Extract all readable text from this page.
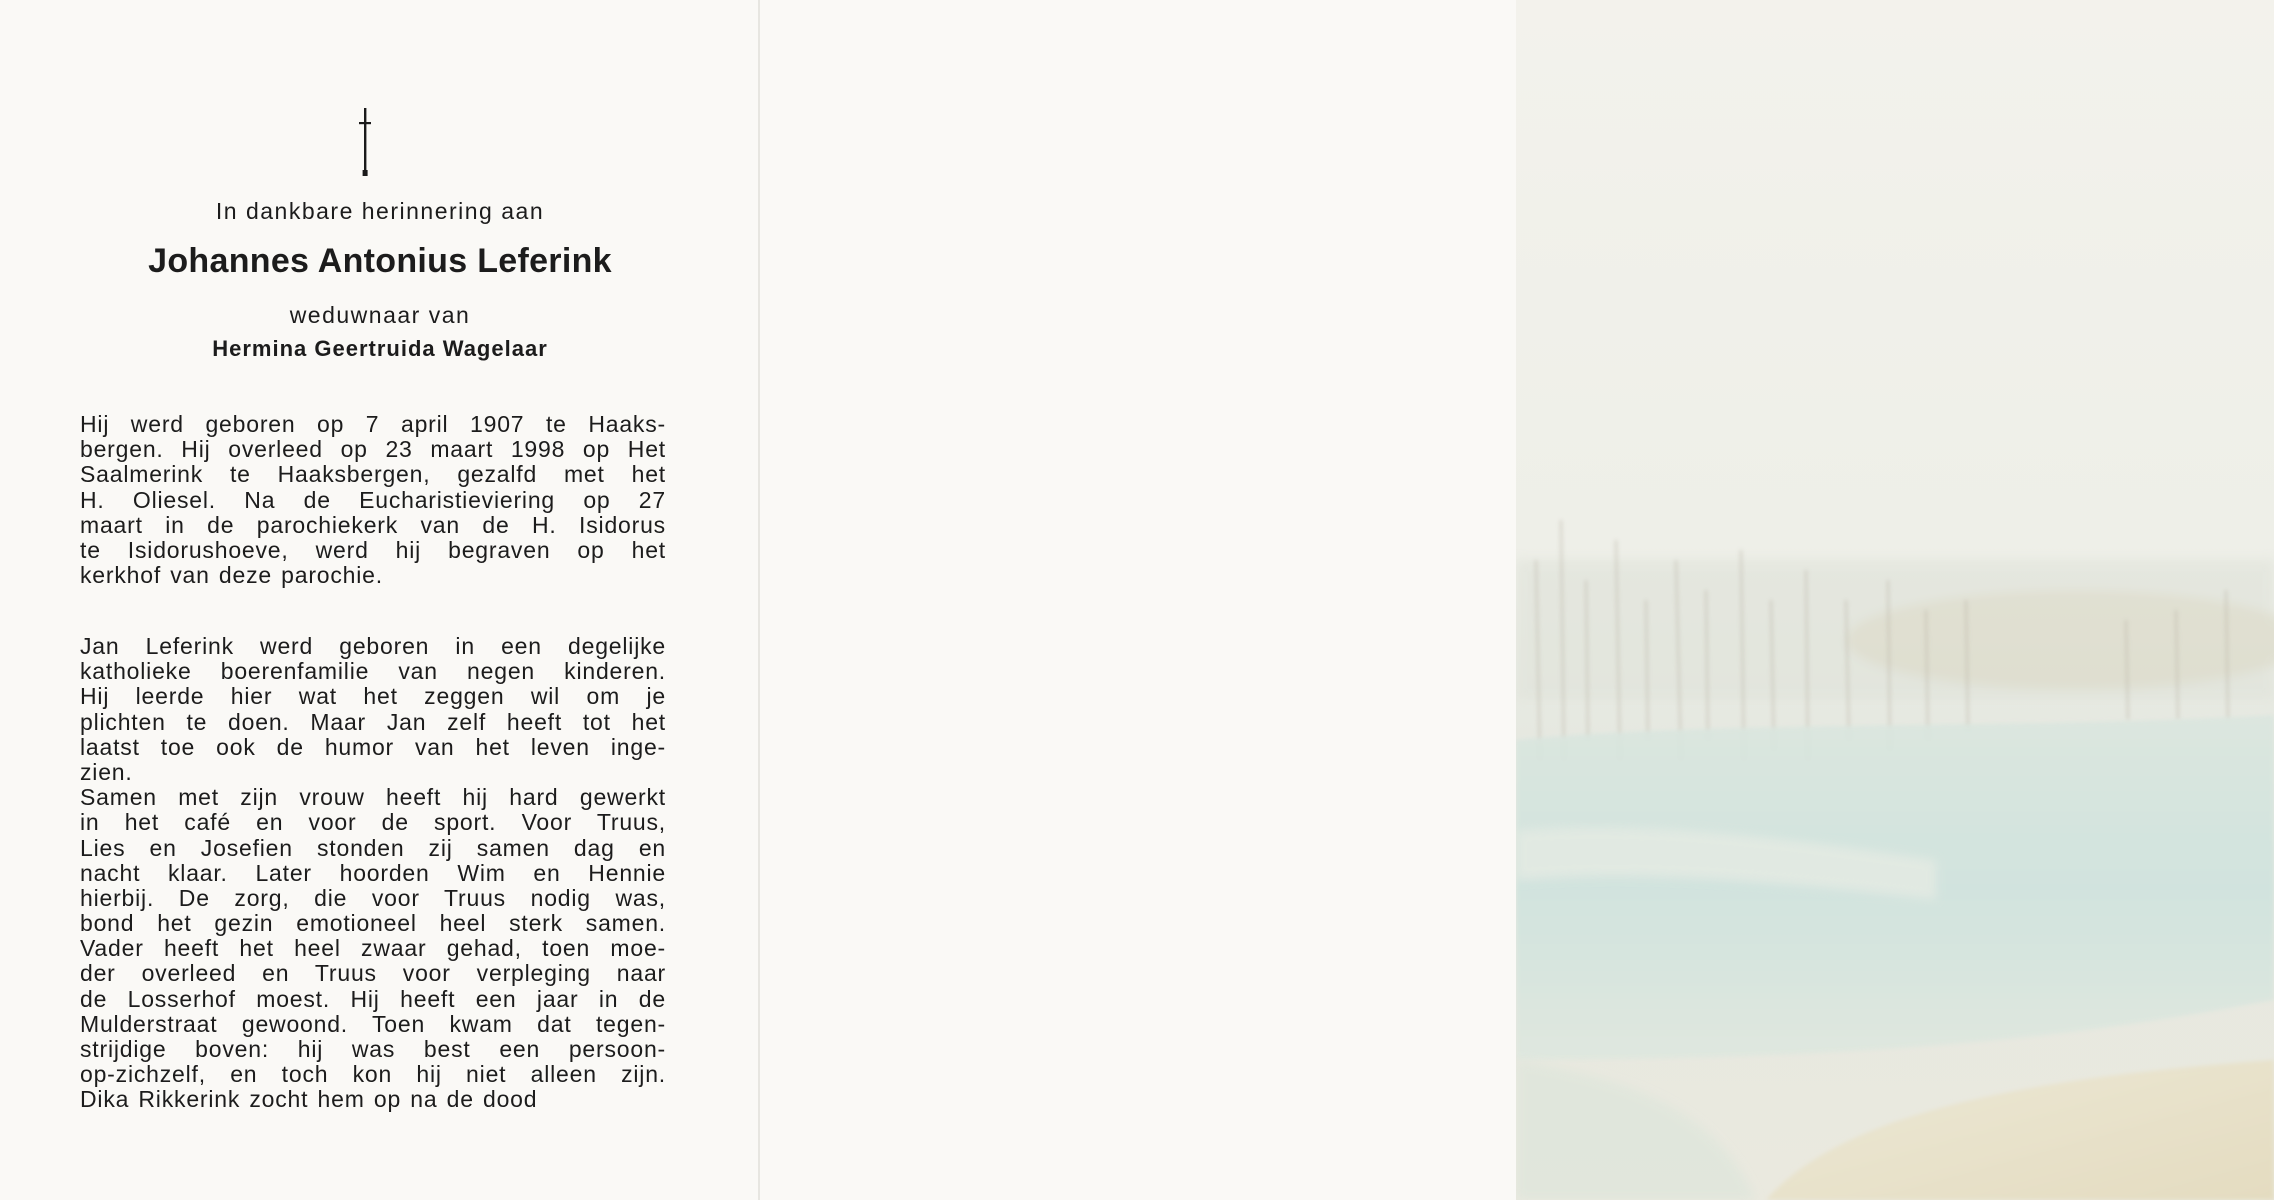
In dankbare herinnering aan
Johannes Antonius Leferink
weduwnaar van
Hermina Geertruida Wagelaar
Hij werd geboren op 7 april 1907 te Haaks-
bergen. Hij overleed op 23 maart 1998 op Het
Saalmerink te Haaksbergen, gezalfd met het
H. Oliesel. Na de Eucharistieviering op 27
maart in de parochiekerk van de H. Isidorus
te Isidorushoeve, werd hij begraven op het
kerkhof van deze parochie.
Jan Leferink werd geboren in een degelijke
katholieke boerenfamilie van negen kinderen.
Hij leerde hier wat het zeggen wil om je
plichten te doen. Maar Jan zelf heeft tot het
laatst toe ook de humor van het leven inge-
zien.
Samen met zijn vrouw heeft hij hard gewerkt
in het café en voor de sport. Voor Truus,
Lies en Josefien stonden zij samen dag en
nacht klaar. Later hoorden Wim en Hennie
hierbij. De zorg, die voor Truus nodig was,
bond het gezin emotioneel heel sterk samen.
Vader heeft het heel zwaar gehad, toen moe-
der overleed en Truus voor verpleging naar
de Losserhof moest. Hij heeft een jaar in de
Mulderstraat gewoond. Toen kwam dat tegen-
strijdige boven: hij was best een persoon-
op-zichzelf, en toch kon hij niet alleen zijn.
Dika Rikkerink zocht hem op na de dood
